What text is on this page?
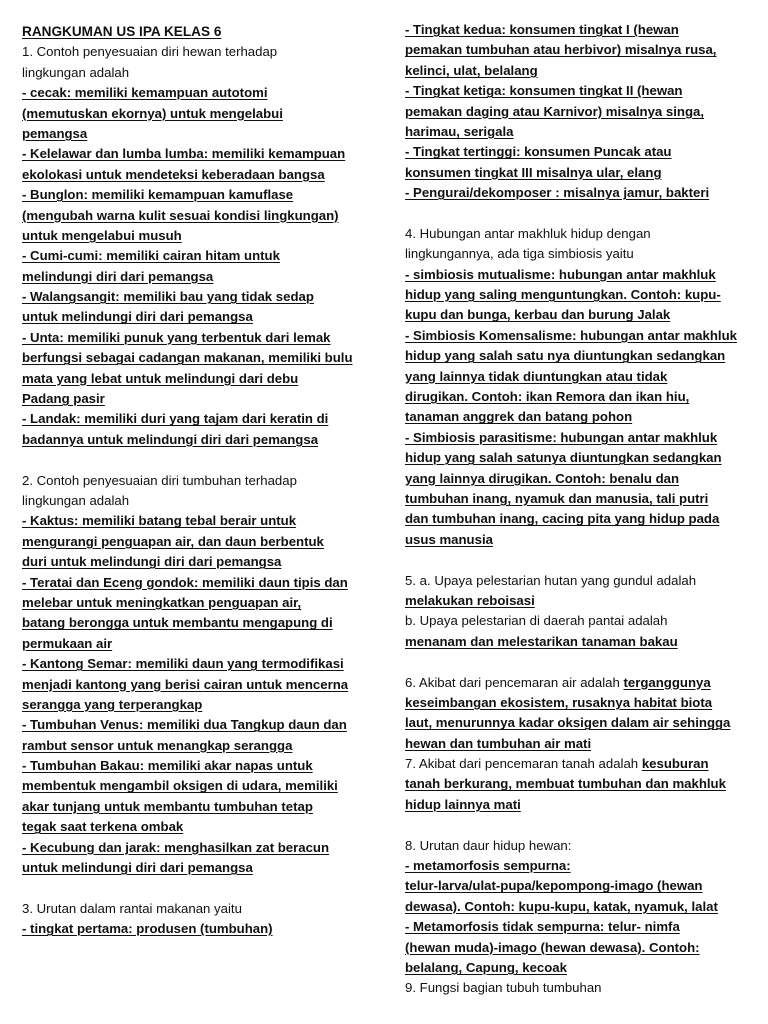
RANGKUMAN US IPA KELAS 6
1. Contoh penyesuaian diri hewan terhadap
lingkungan adalah
- cecak: memiliki kemampuan autotomi
(memutuskan ekornya) untuk mengelabui
pemangsa
- Kelelawar dan lumba lumba: memiliki kemampuan
ekolokasi untuk mendeteksi keberadaan bangsa
- Bunglon: memiliki kemampuan kamuflase
(mengubah warna kulit sesuai kondisi lingkungan)
untuk mengelabui musuh
- Cumi-cumi: memiliki cairan hitam untuk
melindungi diri dari pemangsa
- Walangsangit: memiliki bau yang tidak sedap
untuk melindungi diri dari pemangsa
- Unta: memiliki punuk yang terbentuk dari lemak
berfungsi sebagai cadangan makanan, memiliki bulu
mata yang lebat untuk melindungi dari debu
Padang pasir
- Landak: memiliki duri yang tajam dari keratin di
badannya untuk melindungi diri dari pemangsa
2. Contoh penyesuaian diri tumbuhan terhadap
lingkungan adalah
- Kaktus: memiliki batang tebal berair untuk
mengurangi penguapan air, dan daun berbentuk
duri untuk melindungi diri dari pemangsa
- Teratai dan Eceng gondok: memiliki daun tipis dan
melebar untuk meningkatkan penguapan air,
batang berongga untuk membantu mengapung di
permukaan air
- Kantong Semar: memiliki daun yang termodifikasi
menjadi kantong yang berisi cairan untuk mencerna
serangga yang terperangkap
- Tumbuhan Venus: memiliki dua Tangkup daun dan
rambut sensor untuk menangkap serangga
- Tumbuhan Bakau: memiliki akar napas untuk
membentuk mengambil oksigen di udara, memiliki
akar tunjang untuk membantu tumbuhan tetap
tegak saat terkena ombak
- Kecubung dan jarak: menghasilkan zat beracun
untuk melindungi diri dari pemangsa
3. Urutan dalam rantai makanan yaitu
- tingkat pertama: produsen (tumbuhan)
- Tingkat kedua: konsumen tingkat I (hewan
pemakan tumbuhan atau herbivor) misalnya rusa,
kelinci, ulat, belalang
- Tingkat ketiga: konsumen tingkat II (hewan
pemakan daging atau Karnivor) misalnya singa,
harimau, serigala
- Tingkat tertinggi: konsumen Puncak atau
konsumen tingkat III misalnya ular, elang
- Pengurai/dekomposer : misalnya jamur, bakteri
4. Hubungan antar makhluk hidup dengan
lingkungannya, ada tiga simbiosis yaitu
- simbiosis mutualisme: hubungan antar makhluk
hidup yang saling menguntungkan. Contoh: kupu-
kupu dan bunga, kerbau dan burung Jalak
- Simbiosis Komensalisme: hubungan antar makhluk
hidup yang salah satu nya diuntungkan sedangkan
yang lainnya tidak diuntungkan atau tidak
dirugikan. Contoh: ikan Remora dan ikan hiu,
tanaman anggrek dan batang pohon
- Simbiosis parasitisme: hubungan antar makhluk
hidup yang salah satunya diuntungkan sedangkan
yang lainnya dirugikan. Contoh: benalu dan
tumbuhan inang, nyamuk dan manusia, tali putri
dan tumbuhan inang, cacing pita yang hidup pada
usus manusia
5. a. Upaya pelestarian hutan yang gundul adalah
melakukan reboisasi
b. Upaya pelestarian di daerah pantai adalah
menanam dan melestarikan tanaman bakau
6. Akibat dari pencemaran air adalah terganggunya
keseimbangan ekosistem, rusaknya habitat biota
laut, menurunnya kadar oksigen dalam air sehingga
hewan dan tumbuhan air mati
7. Akibat dari pencemaran tanah adalah kesuburan
tanah berkurang, membuat tumbuhan dan makhluk
hidup lainnya mati
8. Urutan daur hidup hewan:
- metamorfosis sempurna:
telur-larva/ulat-pupa/kepompong-imago (hewan
dewasa). Contoh: kupu-kupu, katak, nyamuk, lalat
- Metamorfosis tidak sempurna: telur- nimfa
(hewan muda)-imago (hewan dewasa). Contoh:
belalang, Capung, kecoak
9. Fungsi bagian tubuh tumbuhan
